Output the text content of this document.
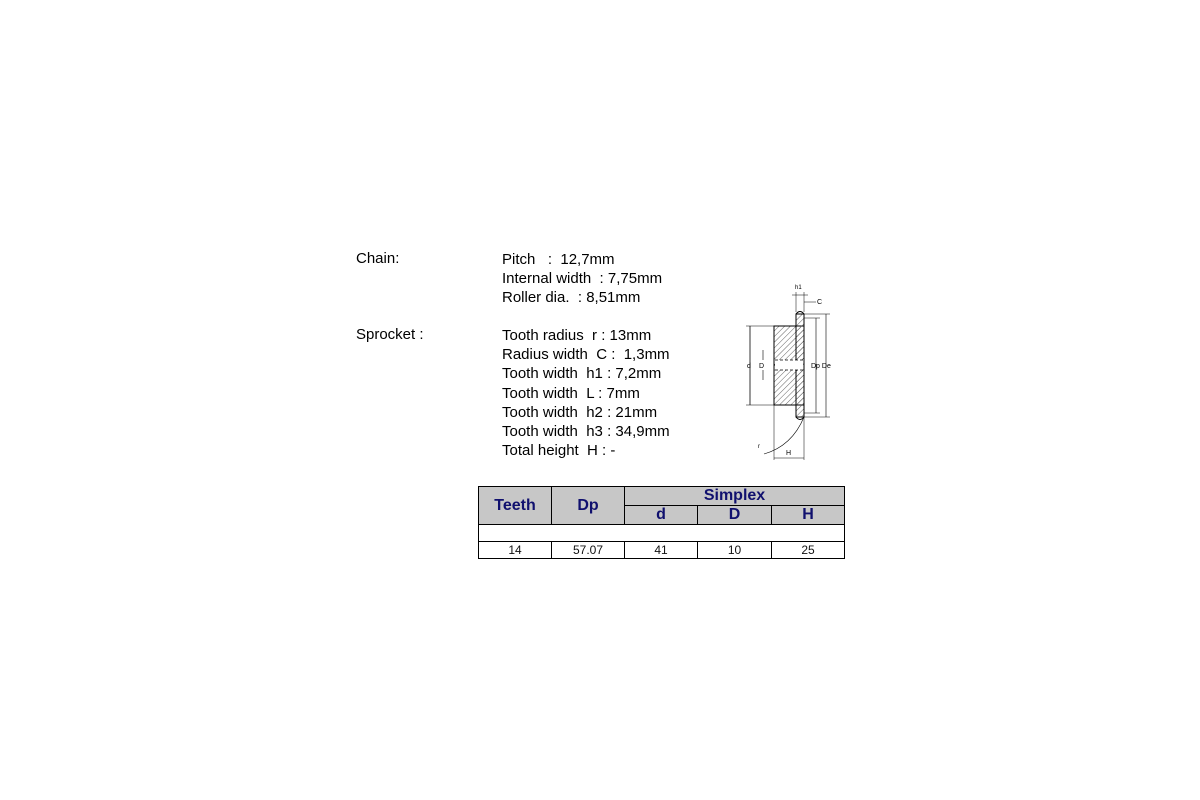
Chain:	Pitch   :  12,7mm
Internal width  : 7,75mm
Roller dia.  : 8,51mm
Sprocket :	Tooth radius  r : 13mm
Radius width  C :  1,3mm
Tooth width  h1 : 7,2mm
Tooth width  L : 7mm
Tooth width  h2 : 21mm
Tooth width  h3 : 34,9mm
Total height  H : -
d D	Dp De
h1
C
r
H
Teeth	Dp	Simplex		
		d	D	H

14	57.07	41	10	25
